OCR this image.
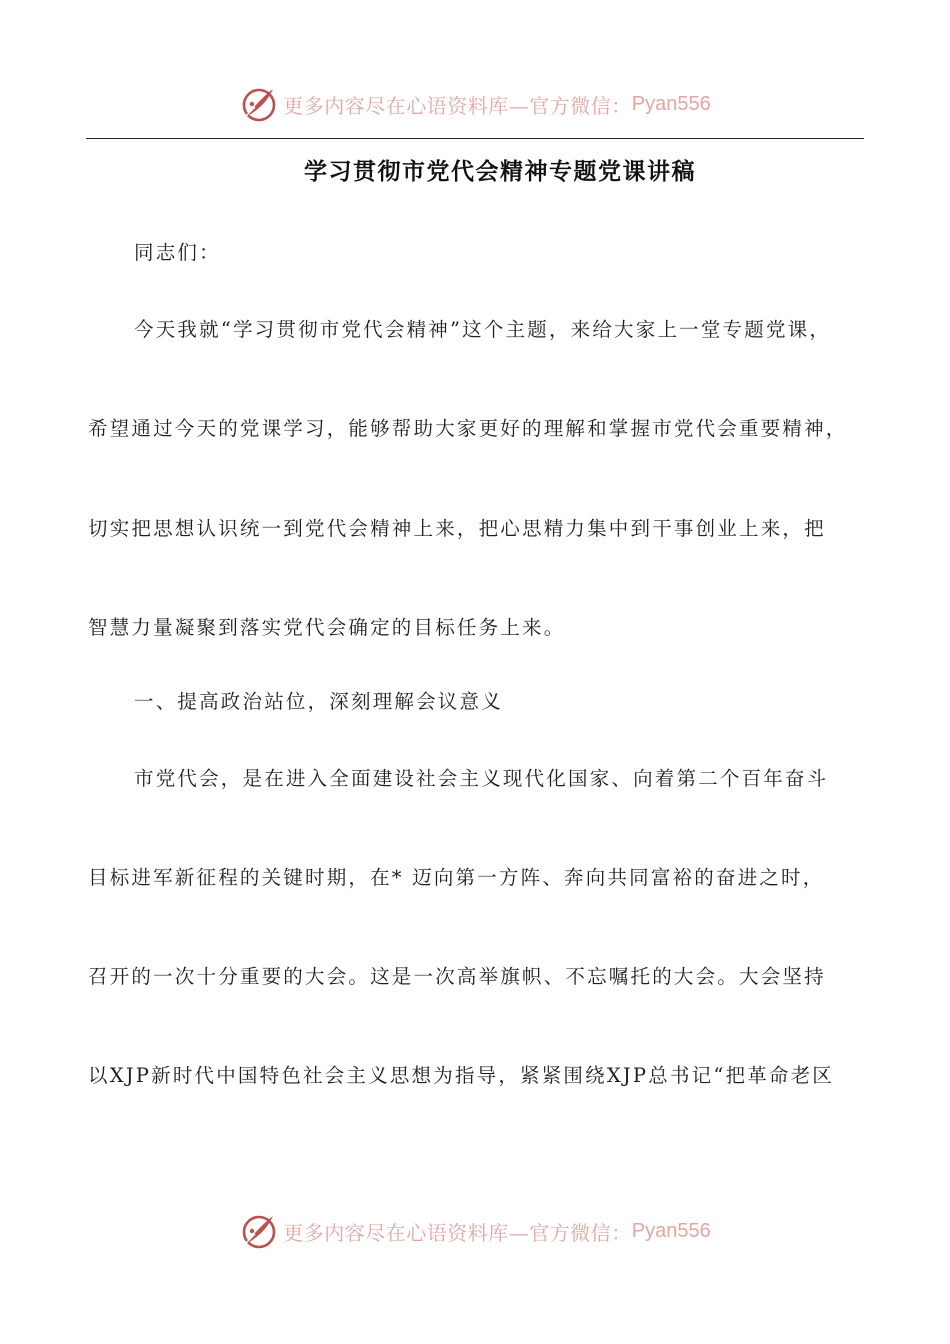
更多内容尽在心语资料库—官方微信： Pyan556
学习贯彻市党代会精神专题党课讲稿
同志们：
今天我就“学习贯彻市党代会精神”这个主题，来给大家上一堂专题党课，
希望通过今天的党课学习，能够帮助大家更好的理解和掌握市党代会重要精神，
切实把思想认识统一到党代会精神上来，把心思精力集中到干事创业上来，把
智慧力量凝聚到落实党代会确定的目标任务上来。
一、提高政治站位，深刻理解会议意义
市党代会，是在进入全面建设社会主义现代化国家、向着第二个百年奋斗
目标进军新征程的关键时期，在* 迈向第一方阵、奔向共同富裕的奋进之时，
召开的一次十分重要的大会。这是一次高举旗帜、不忘嘱托的大会。大会坚持
以XJP新时代中国特色社会主义思想为指导，紧紧围绕XJP总书记“把革命老区
更多内容尽在心语资料库—官方微信： Pyan556
